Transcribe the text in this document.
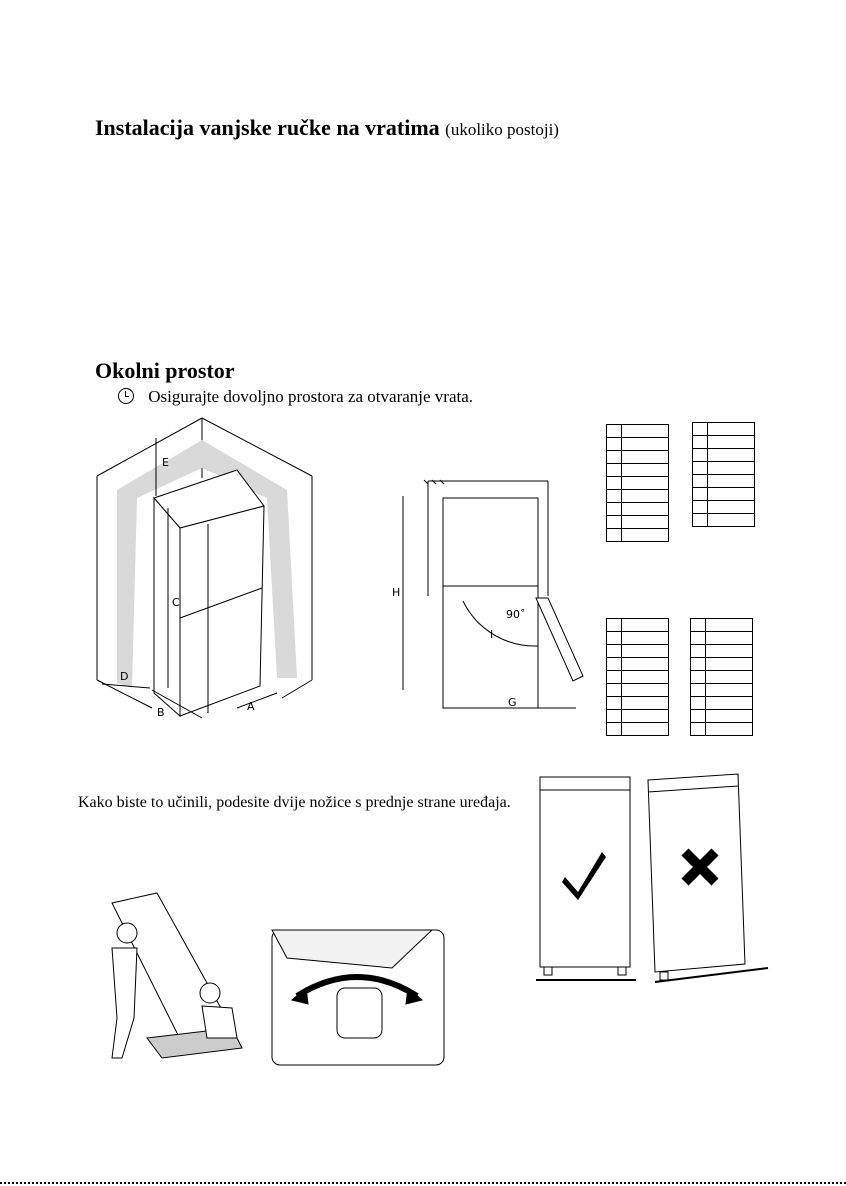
Instalacija vanjske ručke na vratima (ukoliko postoji)
Okolni prostor
Osigurajte dovoljno prostora za otvaranje vrata.
E
C
D
B	A
H
G
I
90˚

Kako biste to učinili, podesite dvije nožice s prednje strane uređaja.
